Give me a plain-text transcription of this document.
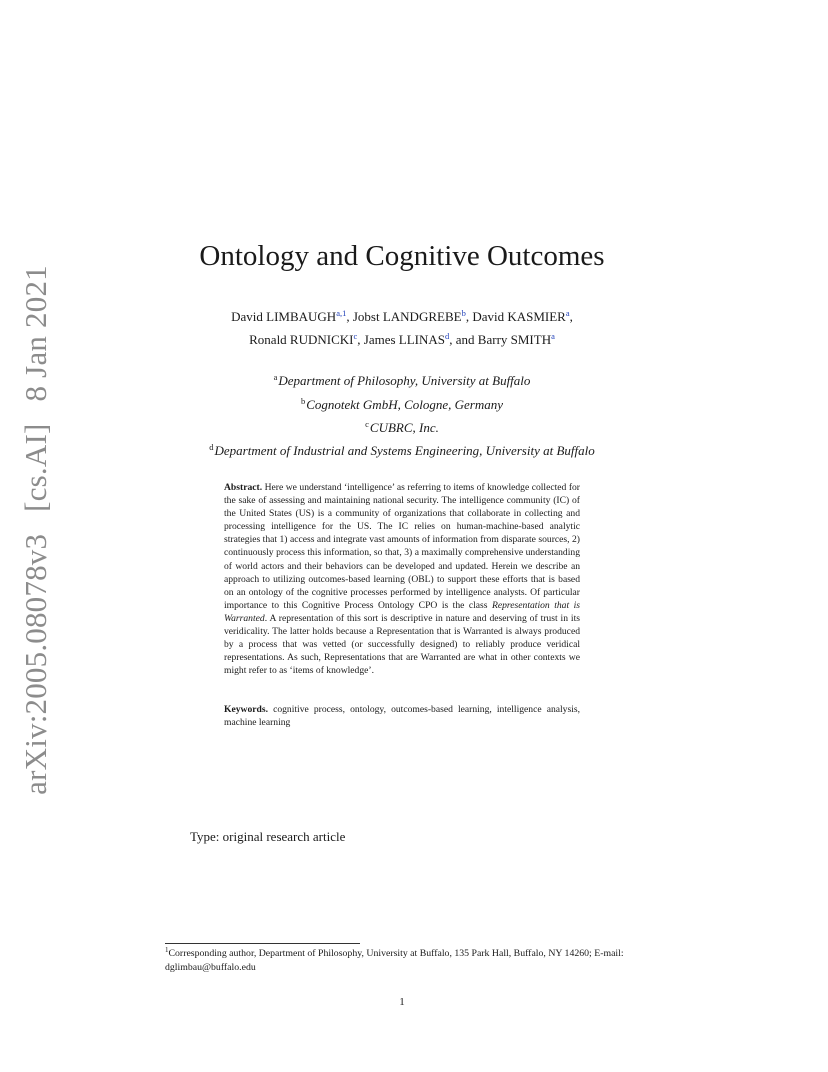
arXiv:2005.08078v3[cs.AI]8 Jan 2021
Ontology and Cognitive Outcomes
David LIMBAUGH$^{a,1}$, Jobst LANDGREBE$^b$, David KASMIER$^a$,
Ronald RUDNICKI$^c$, James LLINAS$^d$, and Barry SMITH$^a$
$^a$Department of Philosophy, University at Buffalo
$^b$Cognotekt GmbH, Cologne, Germany
$^c$CUBRC, Inc.
$^d$Department of Industrial and Systems Engineering, University at Buffalo
Abstract. Here we understand ‘intelligence’ as referring to items of knowledge collected for the sake of assessing and maintaining national security. The intelligence community (IC) of the United States (US) is a community of organizations that collaborate in collecting and processing intelligence for the US. The IC relies on human-machine-based analytic strategies that 1) access and integrate vast amounts of information from disparate sources, 2) continuously process this information, so that, 3) a maximally comprehensive understanding of world actors and their behaviors can be developed and updated. Herein we describe an approach to utilizing outcomes-based learning (OBL) to support these efforts that is based on an ontology of the cognitive processes performed by intelligence analysts. Of particular importance to this Cognitive Process Ontology CPO is the class Representation that is Warranted. A representation of this sort is descriptive in nature and deserving of trust in its veridicality. The latter holds because a Representation that is Warranted is always produced by a process that was vetted (or successfully designed) to reliably produce veridical representations. As such, Representations that are Warranted are what in other contexts we might refer to as ‘items of knowledge’.
Keywords. cognitive process, ontology, outcomes-based learning, intelligence analysis, machine learning
Type: original research article
$^1$Corresponding author, Department of Philosophy, University at Buffalo, 135 Park Hall, Buffalo, NY 14260; E-mail: dglimbau@buffalo.edu
1
